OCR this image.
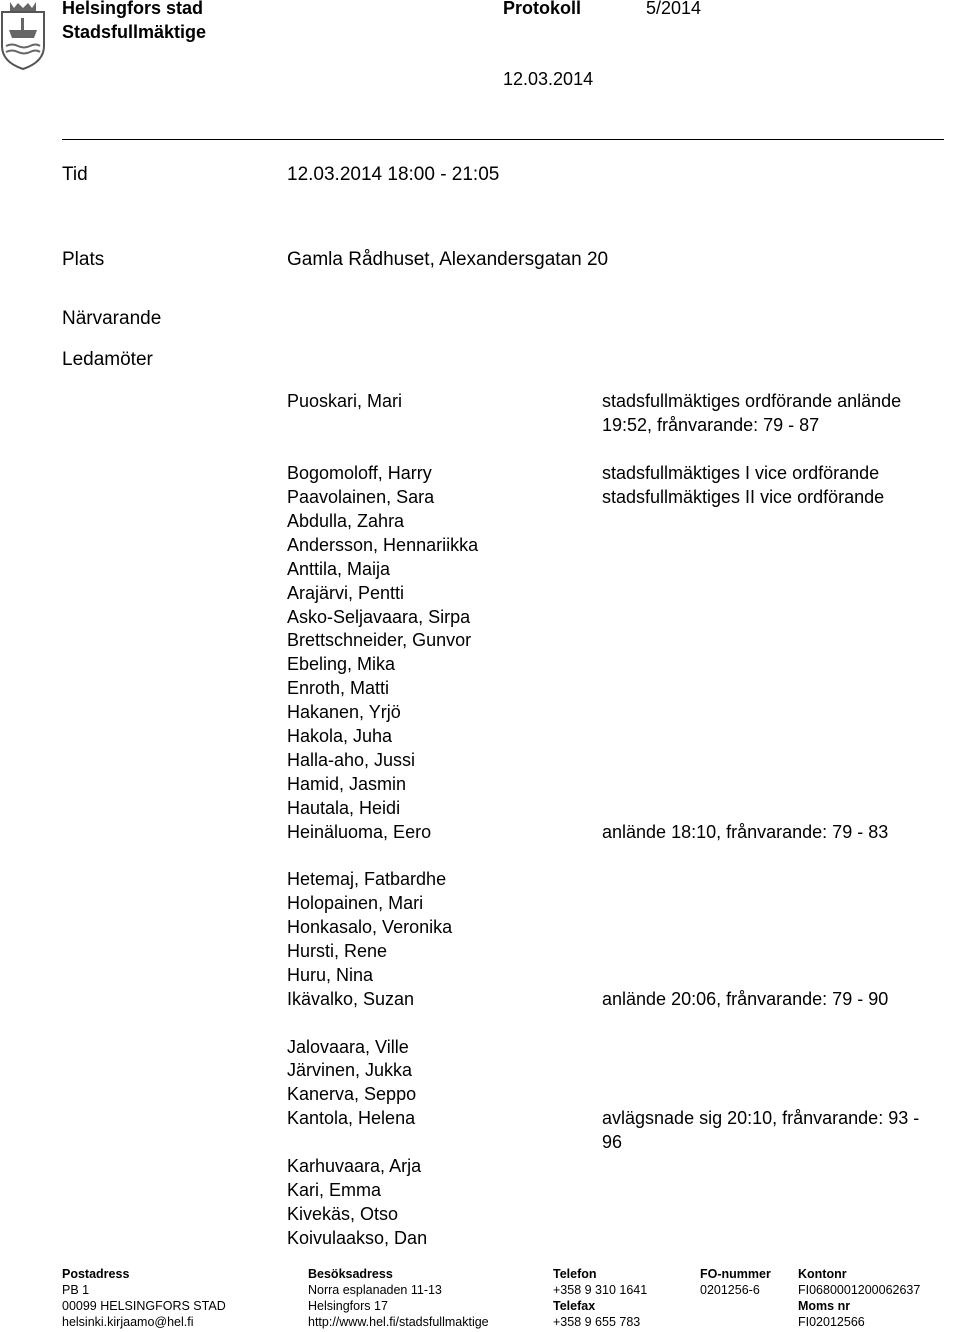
Helsingfors stad
Stadsfullmäktige
Protokoll	5/2014
12.03.2014
Tid	12.03.2014 18:00 - 21:05
Plats	Gamla Rådhuset, Alexandersgatan 20
Närvarande
Ledamöter
Puoskari, Mari	stadsfullmäktiges ordförande anlände 19:52, frånvarande: 79 - 87
Bogomoloff, Harry	stadsfullmäktiges I vice ordförande
Paavolainen, Sara	stadsfullmäktiges II vice ordförande
Abdulla, Zahra
Andersson, Hennariikka
Anttila, Maija
Arajärvi, Pentti
Asko-Seljavaara, Sirpa
Brettschneider, Gunvor
Ebeling, Mika
Enroth, Matti
Hakanen, Yrjö
Hakola, Juha
Halla-aho, Jussi
Hamid, Jasmin
Hautala, Heidi
Heinäluoma, Eero	anlände 18:10, frånvarande: 79 - 83
Hetemaj, Fatbardhe
Holopainen, Mari
Honkasalo, Veronika
Hursti, Rene
Huru, Nina
Ikävalko, Suzan	anlände 20:06, frånvarande: 79 - 90
Jalovaara, Ville
Järvinen, Jukka
Kanerva, Seppo
Kantola, Helena	avlägsnade sig 20:10, frånvarande: 93 - 96
Karhuvaara, Arja
Kari, Emma
Kivekäs, Otso
Koivulaakso, Dan
Postadress
PB 1
00099 HELSINGFORS STAD
helsinki.kirjaamo@hel.fi
Besöksadress
Norra esplanaden 11-13
Helsingfors 17
http://www.hel.fi/stadsfullmaktige
Telefon
+358 9 310 1641
Telefax
+358 9 655 783
FO-nummer
0201256-6
Kontonr
FI0680001200062637
Moms nr
FI02012566
